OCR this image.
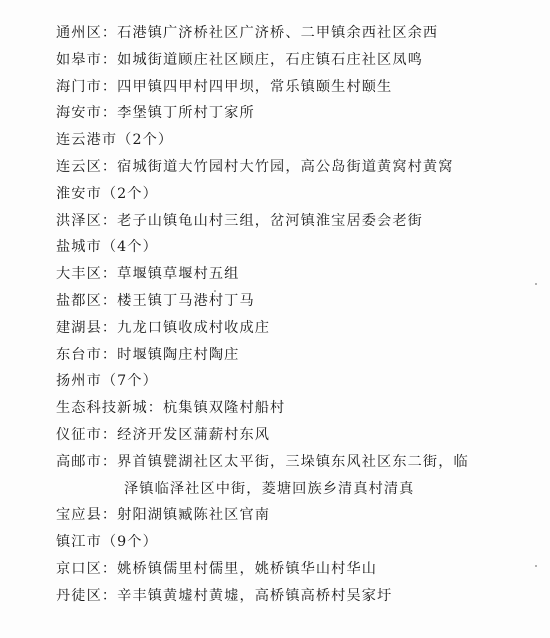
通州区：石港镇广济桥社区广济桥、二甲镇余西社区余西
如皋市：如城街道顾庄社区顾庄，石庄镇石庄社区凤鸣
海门市：四甲镇四甲村四甲坝，常乐镇颐生村颐生
海安市：李堡镇丁所村丁家所
连云港市（2个）
连云区：宿城街道大竹园村大竹园，高公岛街道黄窝村黄窝
淮安市（2个）
洪泽区：老子山镇龟山村三组，岔河镇淮宝居委会老街
盐城市（4个）
大丰区：草堰镇草堰村五组
盐都区：楼王镇丁马港村丁马
建湖县：九龙口镇收成村收成庄
东台市：时堰镇陶庄村陶庄
扬州市（7个）
生态科技新城：杭集镇双隆村船村
仪征市：经济开发区蒲薪村东风
高邮市：界首镇甓湖社区太平街，三垛镇东风社区东二街，临
泽镇临泽社区中街，菱塘回族乡清真村清真
宝应县：射阳湖镇臧陈社区官南
镇江市（9个）
京口区：姚桥镇儒里村儒里，姚桥镇华山村华山
丹徒区：辛丰镇黄墟村黄墟，高桥镇高桥村吴家圩
